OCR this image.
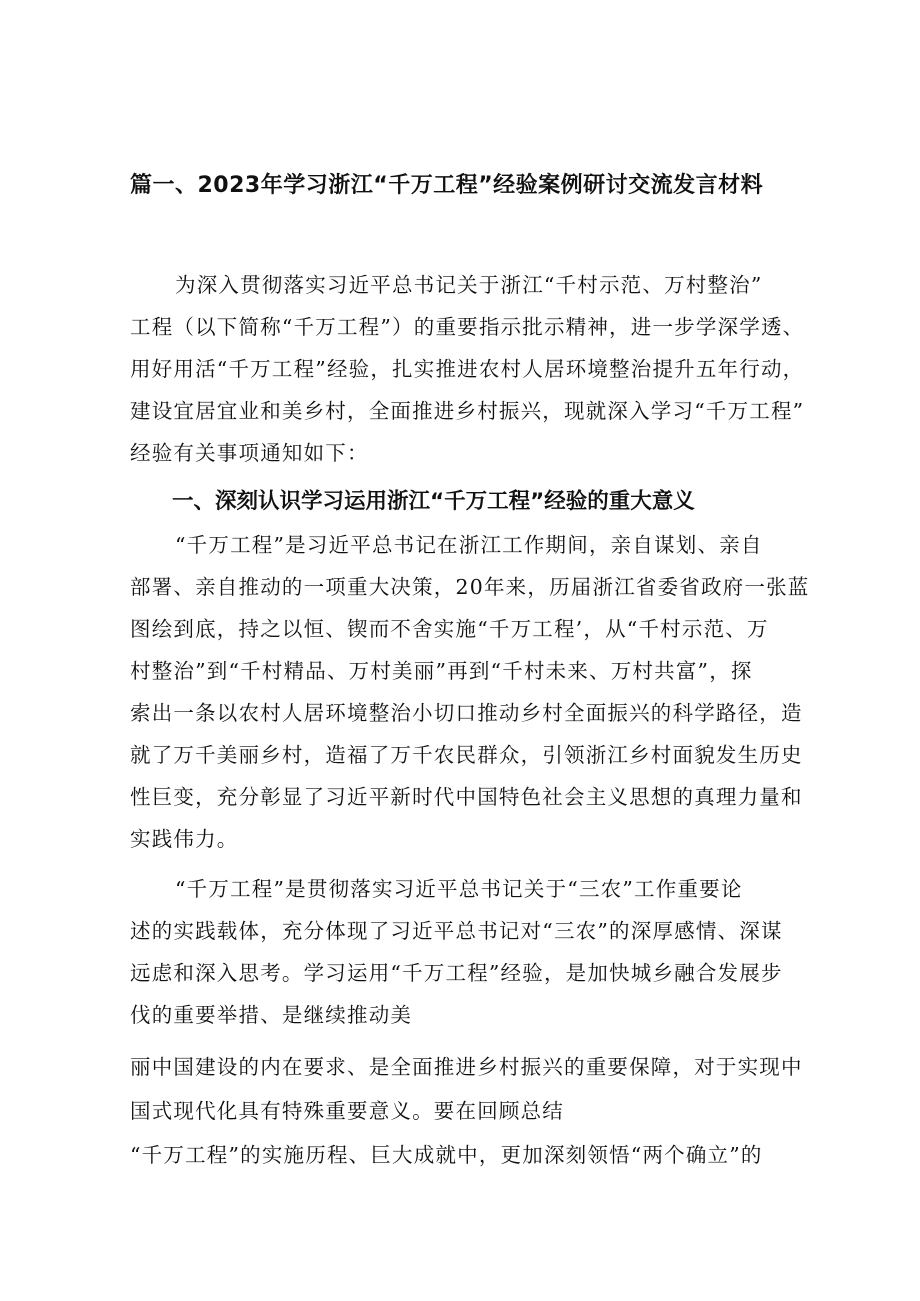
篇一、2023年学习浙江“千万工程”经验案例研讨交流发言材料
为深入贯彻落实习近平总书记关于浙江“千村示范、万村整治”
工程（以下简称“千万工程”）的重要指示批示精神，进一步学深学透、
用好用活“千万工程”经验，扎实推进农村人居环境整治提升五年行动，
建设宜居宜业和美乡村，全面推进乡村振兴，现就深入学习“千万工程”
经验有关事项通知如下：
一、深刻认识学习运用浙江“千万工程”经验的重大意义
“千万工程”是习近平总书记在浙江工作期间，亲自谋划、亲自
部署、亲自推动的一项重大决策，20年来，历届浙江省委省政府一张蓝
图绘到底，持之以恒、锲而不舍实施“千万工程’，从“千村示范、万
村整治”到“千村精品、万村美丽”再到“千村未来、万村共富”，探
索出一条以农村人居环境整治小切口推动乡村全面振兴的科学路径，造
就了万千美丽乡村，造福了万千农民群众，引领浙江乡村面貌发生历史
性巨变，充分彰显了习近平新时代中国特色社会主义思想的真理力量和
实践伟力。
“千万工程”是贯彻落实习近平总书记关于“三农”工作重要论
述的实践载体，充分体现了习近平总书记对“三农”的深厚感情、深谋
远虑和深入思考。学习运用“千万工程”经验，是加快城乡融合发展步
伐的重要举措、是继续推动美
丽中国建设的内在要求、是全面推进乡村振兴的重要保障，对于实现中
国式现代化具有特殊重要意义。要在回顾总结
“千万工程”的实施历程、巨大成就中，更加深刻领悟“两个确立”的
